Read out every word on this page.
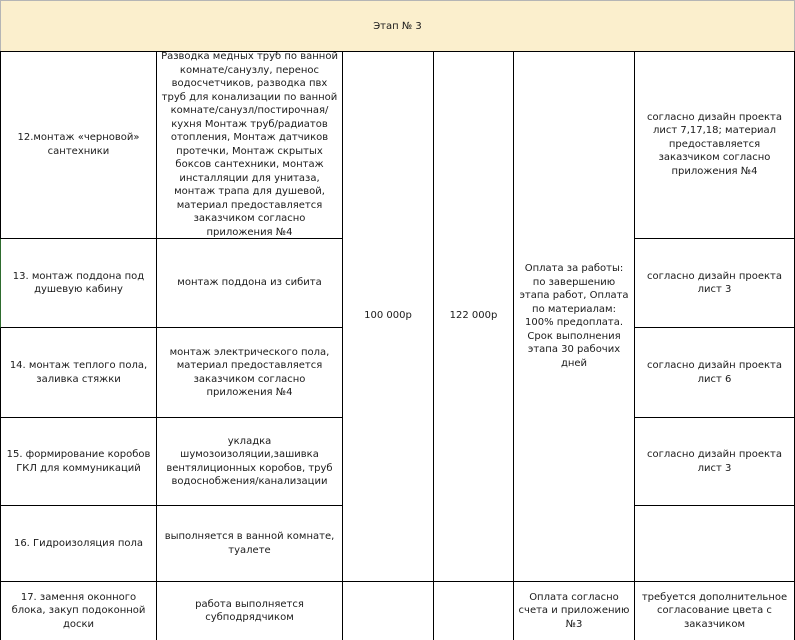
Этап № 3
12.монтаж «черновой» сантехники
Разводка медных труб по ванной комнате/санузлу, перенос водосчетчиков, разводка пвх труб для конализации по ванной комнате/санузл/постирочная/кухня Монтаж труб/радиатов отопления, Монтаж датчиков протечки, Монтаж скрытых боксов сантехники, монтаж инсталляции для унитаза, монтаж трапа для душевой, материал предоставляется заказчиком согласно приложения №4
согласно дизайн проекта лист 7,17,18; материал предоставляется заказчиком согласно приложения №4
13. монтаж поддона под душевую кабину
монтаж поддона из сибита
согласно дизайн проекта лист 3
14. монтаж теплого пола, заливка стяжки
монтаж электрического пола, материал предоставляется заказчиком согласно приложения №4
согласно дизайн проекта лист 6
15. формирование коробов ГКЛ для коммуникаций
укладка шумозоизоляции,зашивка вентялиционных коробов, труб водоснобжения/канализации
согласно дизайн проекта лист 3
16. Гидроизоляция пола
выполняется в ванной комнате, туалете
100 000р	122 000р
Оплата за работы: по завершению этапа работ, Оплата по материалам: 100% предоплата. Срок выполнения этапа 30 рабочих дней
17. замення оконного блока, закуп подоконной доски
работа выполняется субподрядчиком
Оплата согласно счета и приложению №3
требуется дополнительное согласование цвета с заказчиком
